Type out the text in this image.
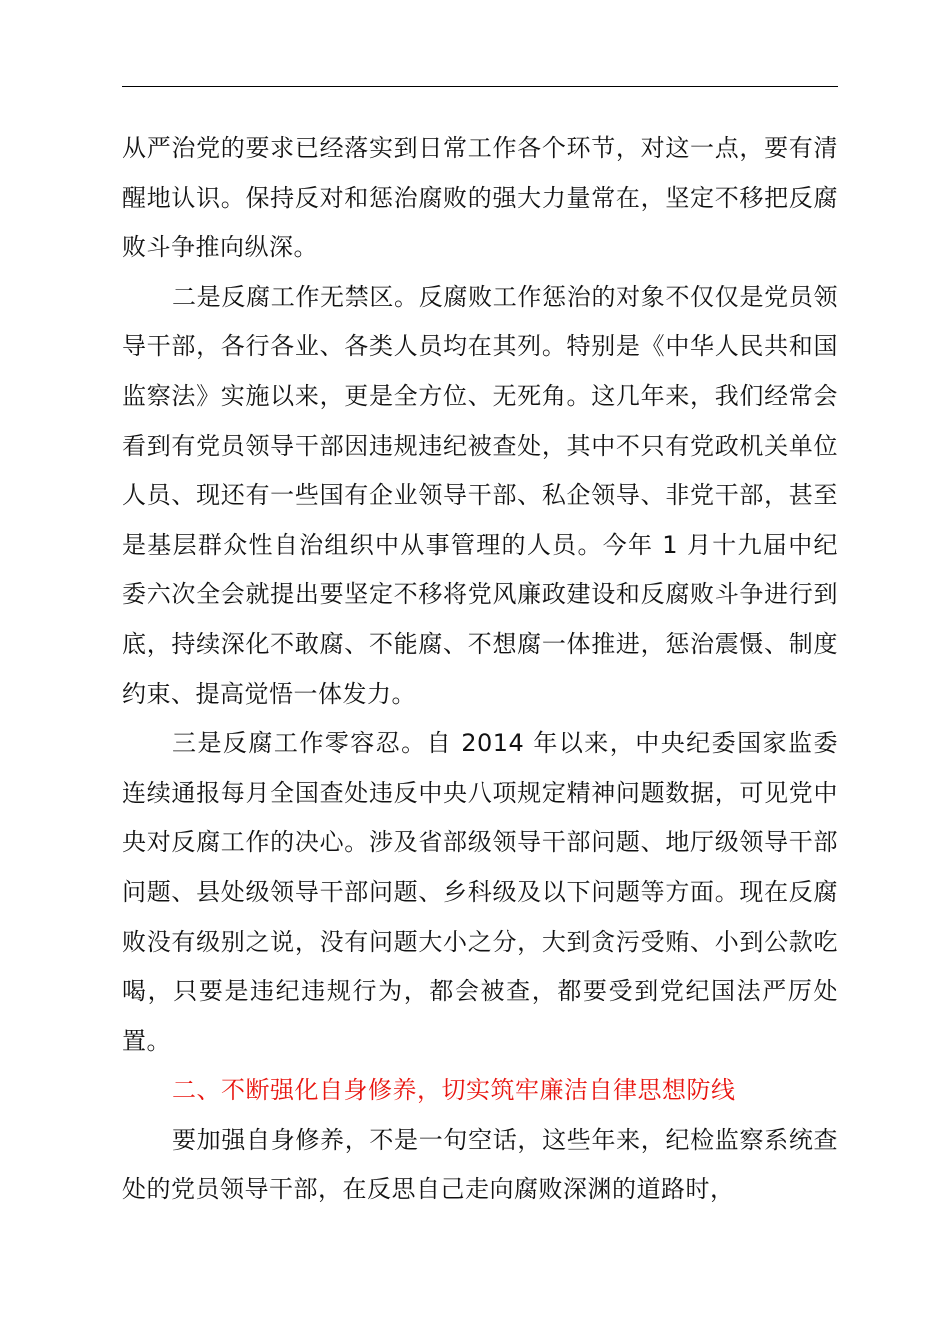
从严治党的要求已经落实到日常工作各个环节，对这一点，要有清醒地认识。保持反对和惩治腐败的强大力量常在，坚定不移把反腐败斗争推向纵深。

二是反腐工作无禁区。反腐败工作惩治的对象不仅仅是党员领导干部，各行各业、各类人员均在其列。特别是《中华人民共和国监察法》实施以来，更是全方位、无死角。这几年来，我们经常会看到有党员领导干部因违规违纪被查处，其中不只有党政机关单位人员、现还有一些国有企业领导干部、私企领导、非党干部，甚至是基层群众性自治组织中从事管理的人员。今年 1 月十九届中纪委六次全会就提出要坚定不移将党风廉政建设和反腐败斗争进行到底，持续深化不敢腐、不能腐、不想腐一体推进，惩治震慑、制度约束、提高觉悟一体发力。

三是反腐工作零容忍。自 2014 年以来，中央纪委国家监委连续通报每月全国查处违反中央八项规定精神问题数据，可见党中央对反腐工作的决心。涉及省部级领导干部问题、地厅级领导干部问题、县处级领导干部问题、乡科级及以下问题等方面。现在反腐败没有级别之说，没有问题大小之分，大到贪污受贿、小到公款吃喝，只要是违纪违规行为，都会被查，都要受到党纪国法严厉处置。

二、不断强化自身修养，切实筑牢廉洁自律思想防线

要加强自身修养，不是一句空话，这些年来，纪检监察系统查处的党员领导干部，在反思自己走向腐败深渊的道路时，
